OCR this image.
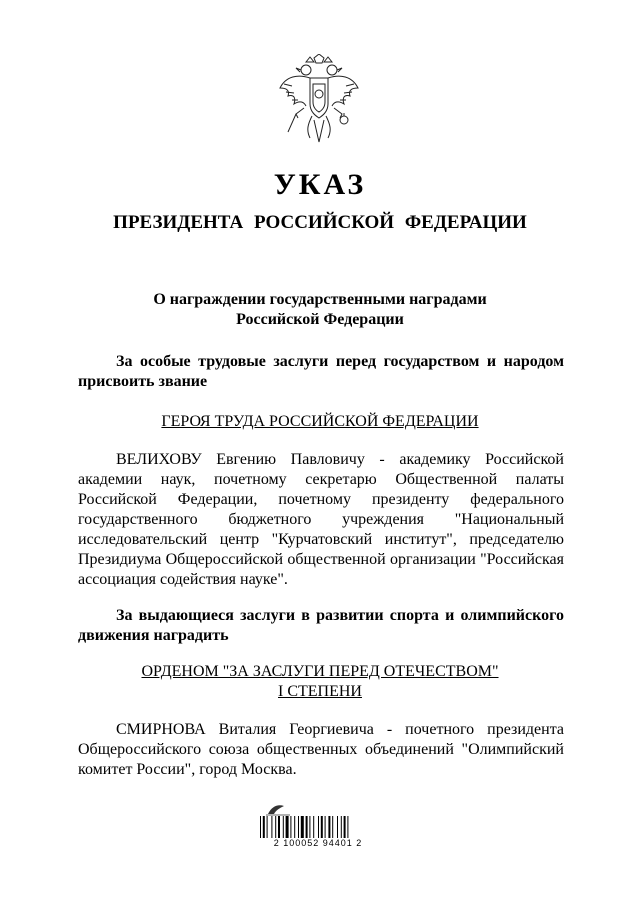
УКАЗ
ПРЕЗИДЕНТА РОССИЙСКОЙ ФЕДЕРАЦИИ
О награждении государственными наградами
Российской Федерации
За особые трудовые заслуги перед государством и народом присвоить звание
ГЕРОЯ ТРУДА РОССИЙСКОЙ ФЕДЕРАЦИИ
ВЕЛИХОВУ Евгению Павловичу - академику Российской академии наук, почетному секретарю Общественной палаты Российской Федерации, почетному президенту федерального государственного бюджетного учреждения "Национальный исследовательский центр "Курчатовский институт", председателю Президиума Общероссийской общественной организации "Российская ассоциация содействия науке".
За выдающиеся заслуги в развитии спорта и олимпийского движения наградить
ОРДЕНОМ "ЗА ЗАСЛУГИ ПЕРЕД ОТЕЧЕСТВОМ"
I СТЕПЕНИ
СМИРНОВА Виталия Георгиевича - почетного президента Общероссийского союза общественных объединений "Олимпийский комитет России", город Москва.
2 100052 94401 2
